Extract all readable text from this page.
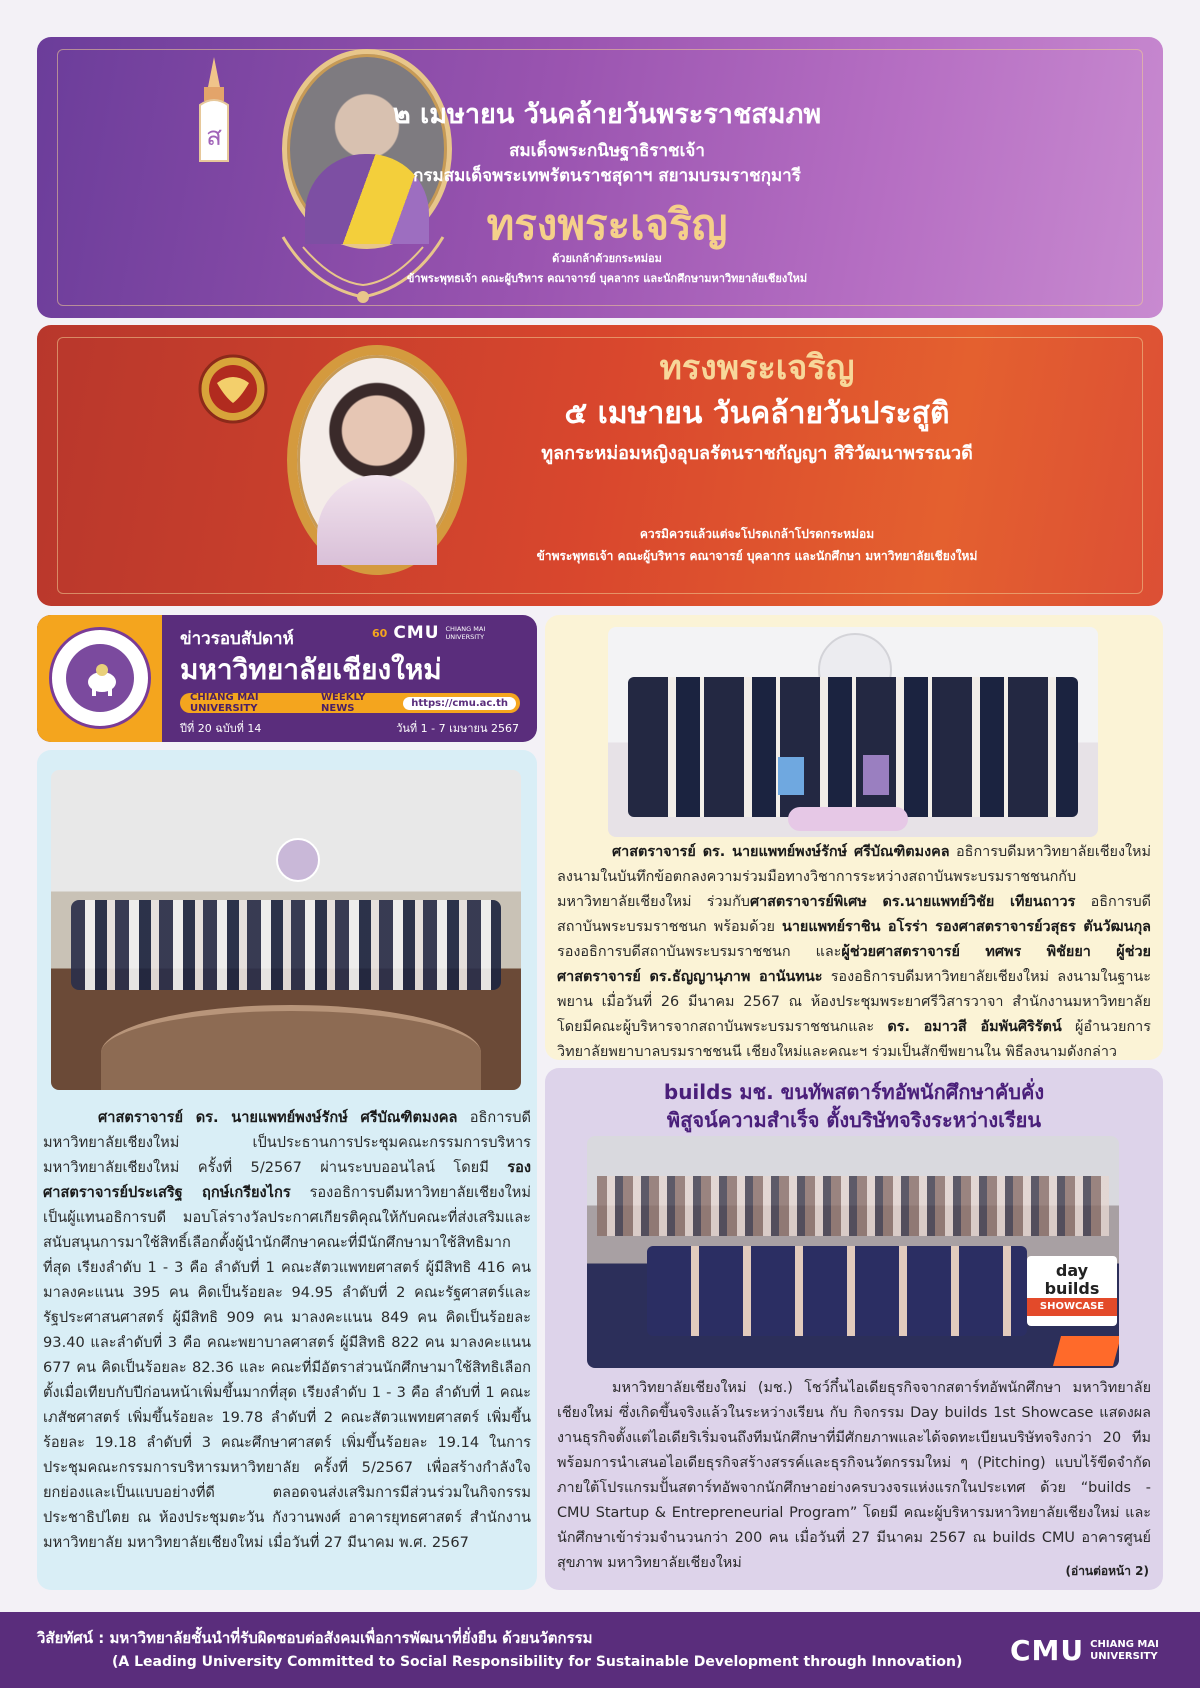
ส
๒ เมษายน วันคล้ายวันพระราชสมภพ
สมเด็จพระกนิษฐาธิราชเจ้า
กรมสมเด็จพระเทพรัตนราชสุดาฯ สยามบรมราชกุมารี
ทรงพระเจริญ
ด้วยเกล้าด้วยกระหม่อม
ข้าพระพุทธเจ้า คณะผู้บริหาร คณาจารย์ บุคลากร และนักศึกษามหาวิทยาลัยเชียงใหม่
ทรงพระเจริญ
๕ เมษายน วันคล้ายวันประสูติ
ทูลกระหม่อมหญิงอุบลรัตนราชกัญญา สิริวัฒนาพรรณวดี
ควรมิควรแล้วแต่จะโปรดเกล้าโปรดกระหม่อม
ข้าพระพุทธเจ้า คณะผู้บริหาร คณาจารย์ บุคลากร และนักศึกษา มหาวิทยาลัยเชียงใหม่
ข่าวรอบสัปดาห์
มหาวิทยาลัยเชียงใหม่
60 CMU CHIANG MAI
UNIVERSITY
CHIANG MAI UNIVERSITY
WEEKLY NEWS	https://cmu.ac.th
ปีที่ 20 ฉบับที่ 14	วันที่ 1 - 7 เมษายน 2567
ศาสตราจารย์ ดร. นายแพทย์พงษ์รักษ์ ศรีบัณฑิตมงคล อธิการบดีมหาวิทยาลัยเชียงใหม่ เป็นประธานการประชุมคณะกรรมการบริหารมหาวิทยาลัยเชียงใหม่ ครั้งที่ 5/2567 ผ่านระบบออนไลน์ โดยมี รองศาสตราจารย์ประเสริฐ ฤกษ์เกรียงไกร รองอธิการบดีมหาวิทยาลัยเชียงใหม่ เป็นผู้แทนอธิการบดี มอบโล่รางวัลประกาศเกียรติคุณให้กับคณะที่ส่งเสริมและสนับสนุนการมาใช้สิทธิ์เลือกตั้งผู้นำนักศึกษาคณะที่มีนักศึกษามาใช้สิทธิมากที่สุด เรียงลำดับ 1 - 3 คือ ลำดับที่ 1 คณะสัตวแพทยศาสตร์ ผู้มีสิทธิ 416 คน มาลงคะแนน 395 คน คิดเป็นร้อยละ 94.95 ลำดับที่ 2 คณะรัฐศาสตร์และรัฐประศาสนศาสตร์ ผู้มีสิทธิ 909 คน มาลงคะแนน 849 คน คิดเป็นร้อยละ 93.40 และลำดับที่ 3 คือ คณะพยาบาลศาสตร์ ผู้มีสิทธิ 822 คน มาลงคะแนน 677 คน คิดเป็นร้อยละ 82.36 และ คณะที่มีอัตราส่วนนักศึกษามาใช้สิทธิเลือกตั้งเมื่อเทียบกับปีก่อนหน้าเพิ่มขึ้นมากที่สุด เรียงลำดับ 1 - 3 คือ ลำดับที่ 1 คณะเภสัชศาสตร์ เพิ่มขึ้นร้อยละ 19.78 ลำดับที่ 2 คณะสัตวแพทยศาสตร์ เพิ่มขึ้นร้อยละ 19.18 ลำดับที่ 3 คณะศึกษาศาสตร์ เพิ่มขึ้นร้อยละ 19.14 ในการประชุมคณะกรรมการบริหารมหาวิทยาลัย ครั้งที่ 5/2567 เพื่อสร้างกำลังใจ ยกย่องและเป็นแบบอย่างที่ดี ตลอดจนส่งเสริมการมีส่วนร่วมในกิจกรรมประชาธิปไตย ณ ห้องประชุมตะวัน กังวานพงศ์ อาคารยุทธศาสตร์ สำนักงานมหาวิทยาลัย มหาวิทยาลัยเชียงใหม่ เมื่อวันที่ 27 มีนาคม พ.ศ. 2567
ศาสตราจารย์ ดร. นายแพทย์พงษ์รักษ์ ศรีบัณฑิตมงคล อธิการบดีมหาวิทยาลัยเชียงใหม่ ลงนามในบันทึกข้อตกลงความร่วมมือทางวิชาการระหว่างสถาบันพระบรมราชชนกกับมหาวิทยาลัยเชียงใหม่ ร่วมกับศาสตราจารย์พิเศษ ดร.นายแพทย์วิชัย เทียนถาวร อธิการบดีสถาบันพระบรมราชชนก พร้อมด้วย นายแพทย์ราชิน อโรร่า รองศาสตราจารย์วสุธร ตันวัฒนกุล รองอธิการบดีสถาบันพระบรมราชชนก และผู้ช่วยศาสตราจารย์ ทศพร พิชัยยา ผู้ช่วยศาสตราจารย์ ดร.ธัญญานุภาพ อานันทนะ รองอธิการบดีมหาวิทยาลัยเชียงใหม่ ลงนามในฐานะพยาน เมื่อวันที่ 26 มีนาคม 2567 ณ ห้องประชุมพระยาศรีวิสารวาจา สำนักงานมหาวิทยาลัย โดยมีคณะผู้บริหารจากสถาบันพระบรมราชชนกและ ดร. อมาวสี อัมพันศิริรัตน์ ผู้อำนวยการวิทยาลัยพยาบาลบรมราชชนนี เชียงใหม่และคณะฯ ร่วมเป็นสักขีพยานใน พิธีลงนามดังกล่าว
builds มช. ขนทัพสตาร์ทอัพนักศึกษาคับคั่ง
พิสูจน์ความสำเร็จ ตั้งบริษัทจริงระหว่างเรียน
day
builds
SHOWCASE
มหาวิทยาลัยเชียงใหม่ (มช.) โชว์กึ๋นไอเดียธุรกิจจากสตาร์ทอัพนักศึกษา มหาวิทยาลัยเชียงใหม่ ซึ่งเกิดขึ้นจริงแล้วในระหว่างเรียน กับ กิจกรรม Day builds 1st Showcase แสดงผลงานธุรกิจตั้งแต่ไอเดียริเริ่มจนถึงทีมนักศึกษาที่มีศักยภาพและได้จดทะเบียนบริษัทจริงกว่า 20 ทีม พร้อมการนำเสนอไอเดียธุรกิจสร้างสรรค์และธุรกิจนวัตกรรมใหม่ ๆ (Pitching) แบบไร้ขีดจำกัด ภายใต้โปรแกรมปั้นสตาร์ทอัพจากนักศึกษาอย่างครบวงจรแห่งแรกในประเทศ ด้วย “builds - CMU Startup & Entrepreneurial Program” โดยมี คณะผู้บริหารมหาวิทยาลัยเชียงใหม่ และนักศึกษาเข้าร่วมจำนวนกว่า 200 คน เมื่อวันที่ 27 มีนาคม 2567 ณ builds CMU อาคารศูนย์สุขภาพ มหาวิทยาลัยเชียงใหม่	(อ่านต่อหน้า 2)
วิสัยทัศน์ : มหาวิทยาลัยชั้นนำที่รับผิดชอบต่อสังคมเพื่อการพัฒนาที่ยั่งยืน ด้วยนวัตกรรม
(A Leading University Committed to Social Responsibility for Sustainable Development through Innovation) CMU CHIANG MAI
UNIVERSITY
